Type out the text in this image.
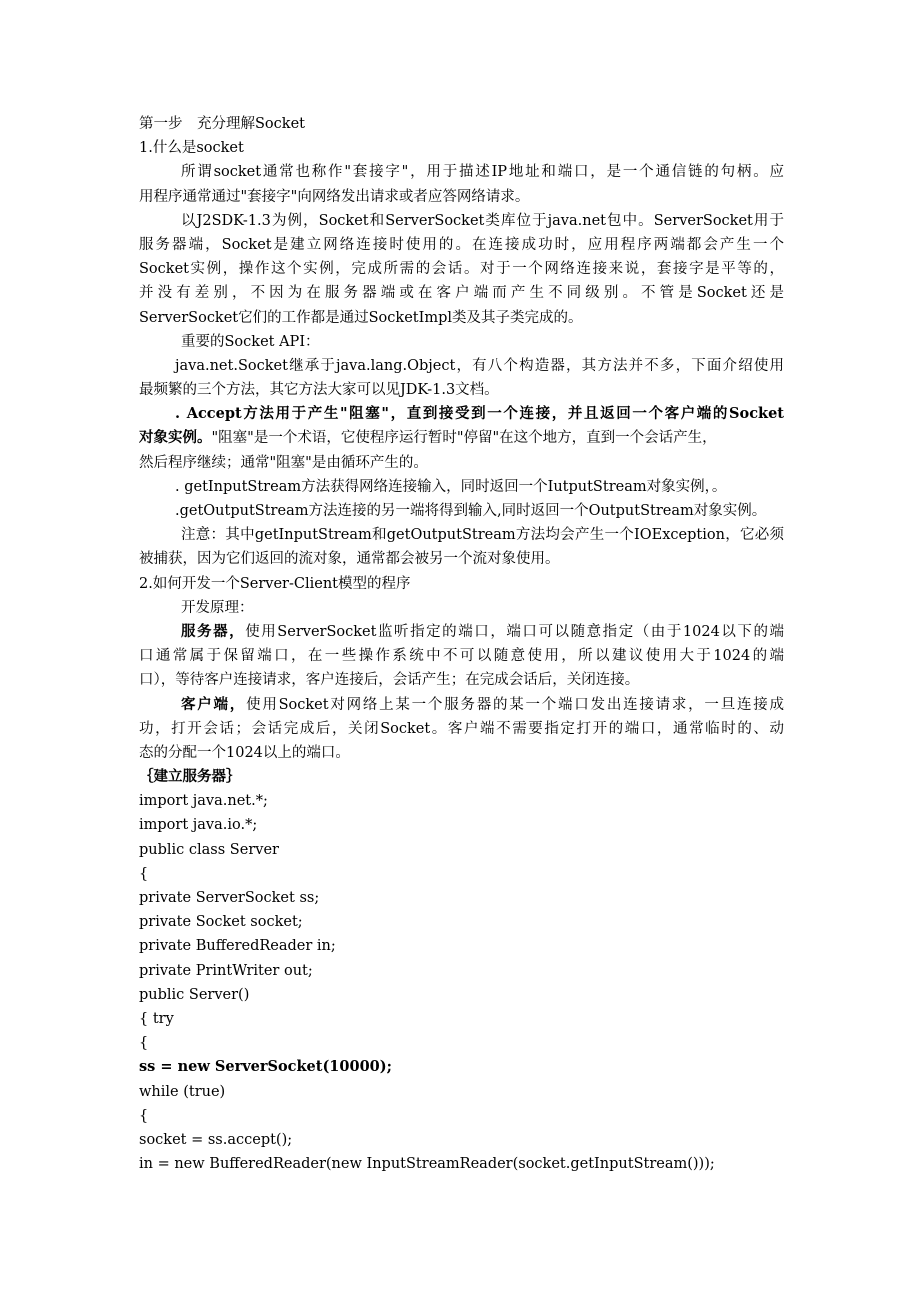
第一步　充分理解Socket
1.什么是socket
所谓socket通常也称作"套接字"，用于描述IP地址和端口，是一个通信链的句柄。应
用程序通常通过"套接字"向网络发出请求或者应答网络请求。
以J2SDK-1.3为例，Socket和ServerSocket类库位于java.net包中。ServerSocket用于
服务器端，Socket是建立网络连接时使用的。在连接成功时，应用程序两端都会产生一个
Socket实例，操作这个实例，完成所需的会话。对于一个网络连接来说，套接字是平等的，
并没有差别，不因为在服务器端或在客户端而产生不同级别。不管是Socket还是
ServerSocket它们的工作都是通过SocketImpl类及其子类完成的。
重要的Socket API：
java.net.Socket继承于java.lang.Object，有八个构造器，其方法并不多，下面介绍使用
最频繁的三个方法，其它方法大家可以见JDK-1.3文档。
. Accept方法用于产生"阻塞"，直到接受到一个连接，并且返回一个客户端的Socket
对象实例。"阻塞"是一个术语，它使程序运行暂时"停留"在这个地方，直到一个会话产生，
然后程序继续；通常"阻塞"是由循环产生的。
. getInputStream方法获得网络连接输入，同时返回一个IutputStream对象实例，。
.getOutputStream方法连接的另一端将得到输入,同时返回一个OutputStream对象实例。
注意：其中getInputStream和getOutputStream方法均会产生一个IOException，它必须
被捕获，因为它们返回的流对象，通常都会被另一个流对象使用。
2.如何开发一个Server-Client模型的程序
开发原理：
服务器，使用ServerSocket监听指定的端口，端口可以随意指定（由于1024以下的端
口通常属于保留端口，在一些操作系统中不可以随意使用，所以建议使用大于1024的端
口），等待客户连接请求，客户连接后，会话产生；在完成会话后，关闭连接。
客户端，使用Socket对网络上某一个服务器的某一个端口发出连接请求，一旦连接成
功，打开会话；会话完成后，关闭Socket。客户端不需要指定打开的端口，通常临时的、动
态的分配一个1024以上的端口。
｛建立服务器｝
import java.net.*;
import java.io.*;
public class Server
{
private ServerSocket ss;
private Socket socket;
private BufferedReader in;
private PrintWriter out;
public Server()
{ try
{
ss = new ServerSocket(10000);
while (true)
{
socket = ss.accept();
in = new BufferedReader(new InputStreamReader(socket.getInputStream()));
